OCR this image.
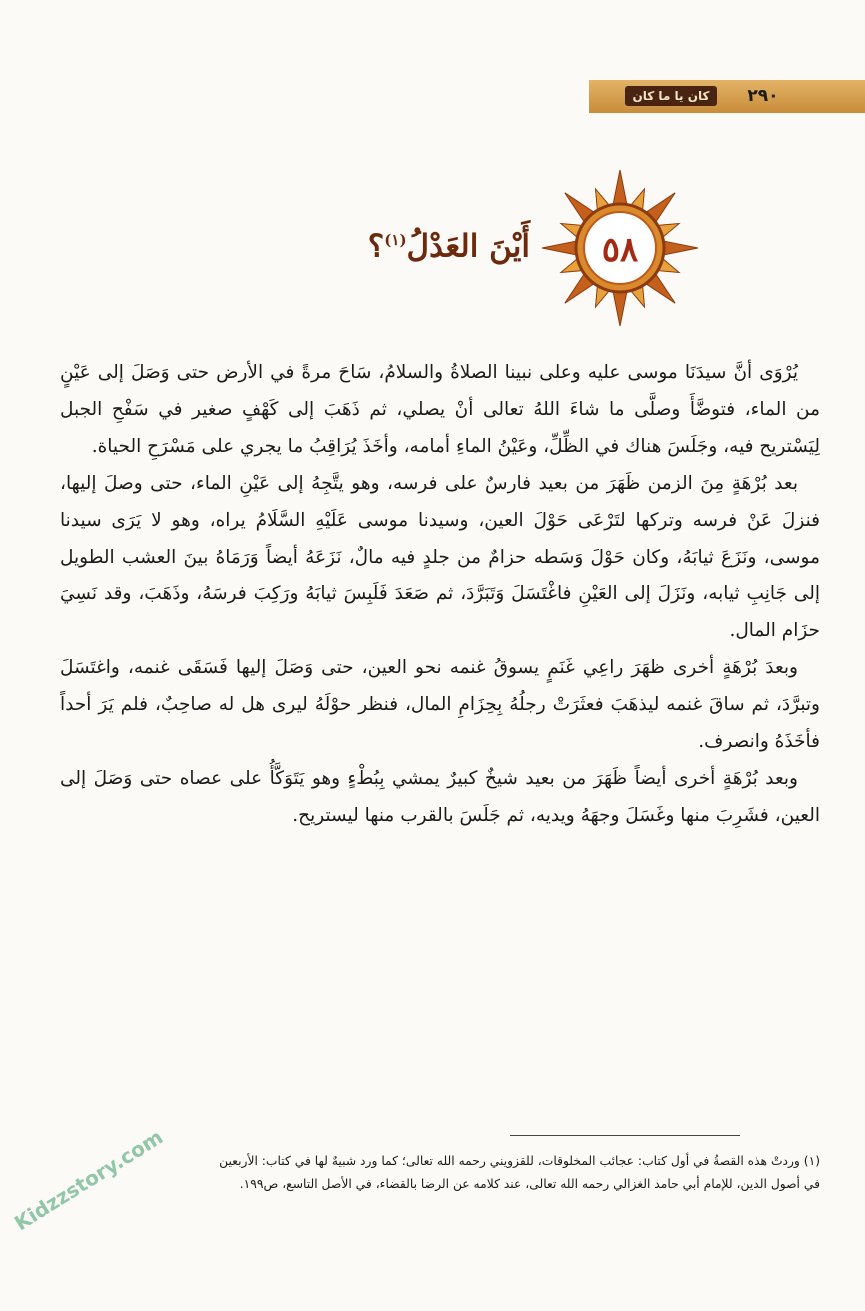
كان يا ما كان	٢٩٠
٥٨
أَيْنَ العَدْلُ$^{(١)}$؟

يُرْوَى أنَّ سيدَنَا موسى عليه وعلى نبينا الصلاةُ والسلامُ، سَاحَ مرةً في الأرض حتى وَصَلَ إلى عَيْنٍ من الماء، فتوضَّأَ وصلَّى ما شاءَ اللهُ تعالى أنْ يصلي، ثم ذَهَبَ إلى كَهْفٍ صغير في سَفْحِ الجبل لِيَسْتريح فيه، وجَلَسَ هناك في الظِّلِّ، وعَيْنُ الماءِ أمامه، وأخَذَ يُرَاقِبُ ما يجري على مَسْرَحِ الحياة.

بعد بُرْهَةٍ مِنَ الزمن ظَهَرَ من بعيد فارسٌ على فرسه، وهو يتَّجِهُ إلى عَيْنِ الماء، حتى وصلَ إليها، فنزلَ عَنْ فرسه وتركها لتَرْعَى حَوْلَ العين، وسيدنا موسى عَلَيْهِ السَّلَامُ يراه، وهو لا يَرَى سيدنا موسى، ونَزَعَ ثيابَهُ، وكان حَوْلَ وَسَطه حزامٌ من جلدٍ فيه مالٌ، نَزَعَهُ أيضاً وَرَمَاهُ بينَ العشب الطويل إلى جَانِبِ ثيابه، ونَزَلَ إلى العَيْنِ فاغْتَسَلَ وَتَبَرَّدَ، ثم صَعَدَ فَلَبِسَ ثيابَهُ ورَكِبَ فرسَهُ، وذَهَبَ، وقد نَسِيَ حزَام المال.

وبعدَ بُرْهَةٍ أخرى ظهَرَ راعِي غَنَمٍ يسوقُ غنمه نحو العين، حتى وَصَلَ إليها فَسَقَى غنمه، واغتَسَلَ وتبرَّدَ، ثم ساقَ غنمه ليذهَبَ فعثَرَتْ رجلُهُ بِحِزَامِ المال، فنظر حوْلَهُ ليرى هل له صاحِبٌ، فلم يَرَ أحداً فأخَذَهُ وانصرف.

وبعد بُرْهَةٍ أخرى أيضاً ظَهَرَ من بعيد شيخٌ كبيرٌ يمشي بِبُطْءٍ وهو يَتَوَكَّأُ على عصاه حتى وَصَلَ إلى العين، فشَرِبَ منها وغَسَلَ وجهَهُ ويديه، ثم جَلَسَ بالقرب منها ليستريح.

(١) وردتْ هذه القصةُ في أول كتاب: عجائب المخلوقات، للقزويني رحمه الله تعالى؛ كما ورد شبيهٌ لها في كتاب: الأربعين
في أصول الدين، للإمام أبي حامد الغزالي رحمه الله تعالى، عند كلامه عن الرضا بالقضاء، في الأصل التاسع، ص١٩٩.
Kidzzstory.com
